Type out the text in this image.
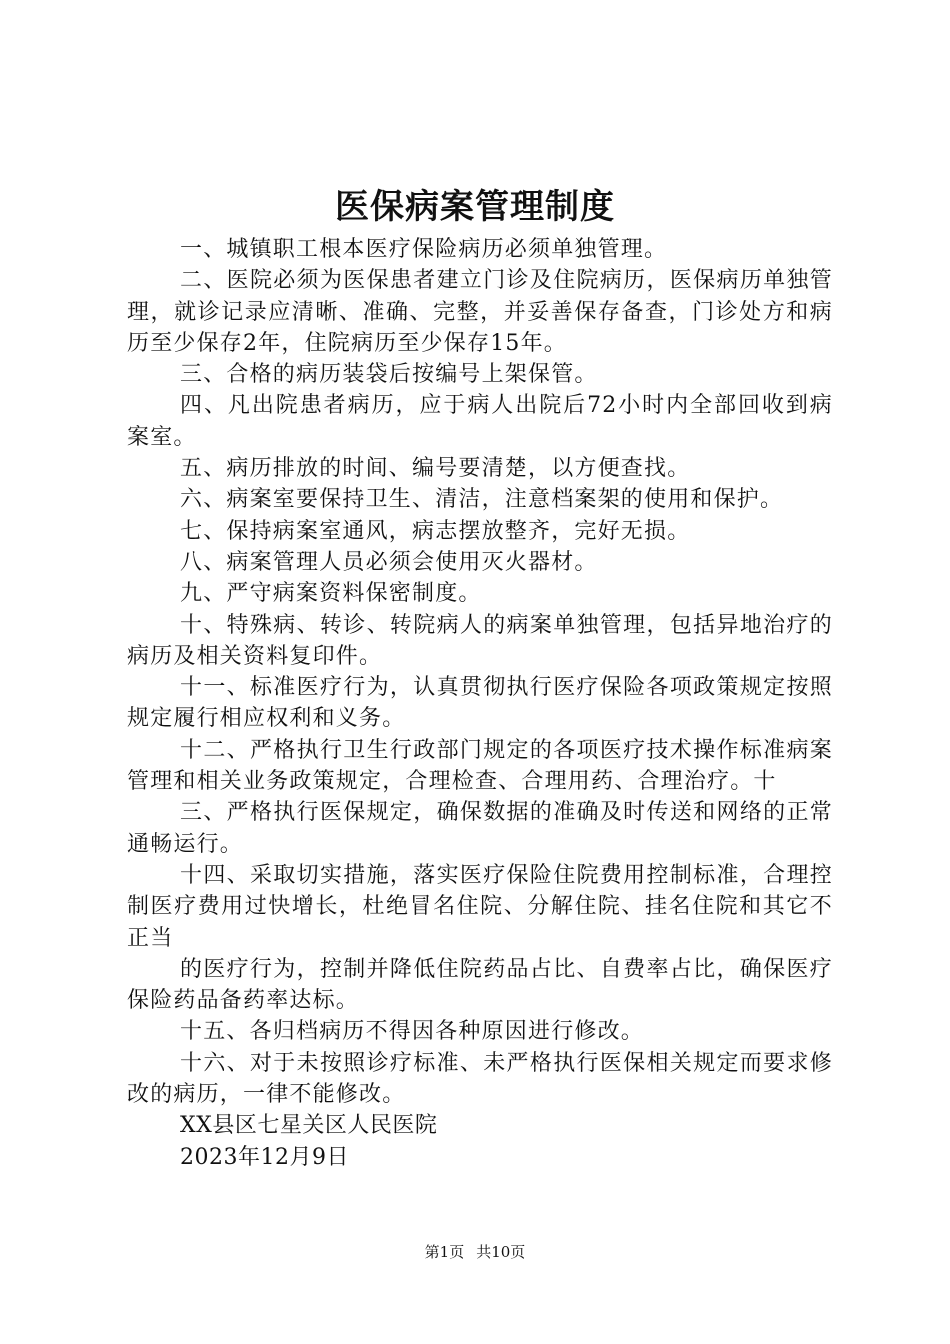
医保病案管理制度

一、城镇职工根本医疗保险病历必须单独管理。

二、医院必须为医保患者建立门诊及住院病历，医保病历单独管理，就诊记录应清晰、准确、完整，并妥善保存备查，门诊处方和病历至少保存2年，住院病历至少保存15年。

三、合格的病历装袋后按编号上架保管。

四、凡出院患者病历，应于病人出院后72小时内全部回收到病案室。

五、病历排放的时间、编号要清楚，以方便查找。

六、病案室要保持卫生、清洁，注意档案架的使用和保护。

七、保持病案室通风，病志摆放整齐，完好无损。

八、病案管理人员必须会使用灭火器材。

九、严守病案资料保密制度。

十、特殊病、转诊、转院病人的病案单独管理，包括异地治疗的病历及相关资料复印件。

十一、标准医疗行为，认真贯彻执行医疗保险各项政策规定按照规定履行相应权利和义务。

十二、严格执行卫生行政部门规定的各项医疗技术操作标准病案管理和相关业务政策规定，合理检查、合理用药、合理治疗。十

三、严格执行医保规定，确保数据的准确及时传送和网络的正常通畅运行。

十四、采取切实措施，落实医疗保险住院费用控制标准，合理控制医疗费用过快增长，杜绝冒名住院、分解住院、挂名住院和其它不正当

的医疗行为，控制并降低住院药品占比、自费率占比，确保医疗保险药品备药率达标。

十五、各归档病历不得因各种原因进行修改。

十六、对于未按照诊疗标准、未严格执行医保相关规定而要求修改的病历，一律不能修改。

XX县区七星关区人民医院

2023年12月9日

第1页 共10页
